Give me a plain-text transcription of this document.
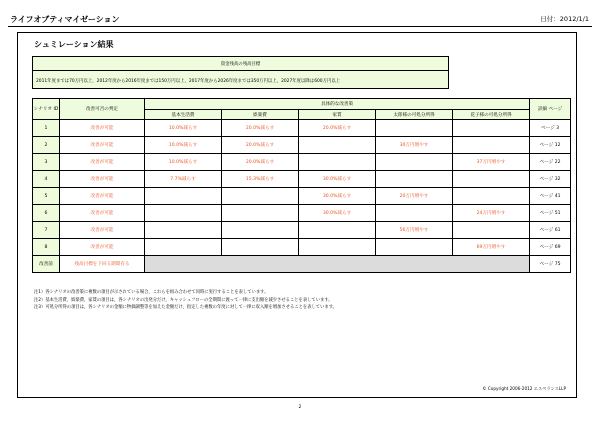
ライフオブティマイゼーション	日付：2012/1/1
シュミレーション結果
資金残高の残高目標
2011年度までは70万円以上，2012年度から2016年度までは150万円以上，2017年度から2026年度までは350万円以上，2027年度以降は600万円以上
シナリオ ID	改善可否の判定	具体的な改善策					詳細 ページ
		基本生活費	娯楽費	家賃	太郎様の可処分所得	花子様の可処分所得	
1	改善が可能	10.0%減らす	20.0%減らす	20.0%減らす			ページ 3
2	改善が可能	10.0%減らす	20.0%減らす		30万円増やす		ページ 12
3	改善が可能	10.0%減らす	20.0%減らす			37万円増やす	ページ 22
4	改善が可能	7.7%減らす	15.3%減らす	30.0%減らす			ページ 32
5	改善が可能			30.0%減らす	20万円増やす		ページ 41
6	改善が可能			30.0%減らす		24万円増やす	ページ 51
7	改善が可能				56万円増やす		ページ 61
8	改善が可能					69万円増やす	ページ 69
改善前	残高目標を下回る期間有る						ページ 75
注1）各シナリオの改善策に複数の項目が示されている場合，これらを組み合わせて同時に実行することを表しています。
注2）基本生活費，娯楽費，家賃の項目は，各シナリオの出発分だけ，キャッシュフローの全期間に渡って一律に支出額を減少させることを表しています。
注3）可処分所得の項目は，各シナリオの金額に物価調整等を加えた金額だけ，指定した複数の年度に対して一律に収入額を増加させることを表しています。
© Copyright 2006-2012 エスペランスLLP
2
